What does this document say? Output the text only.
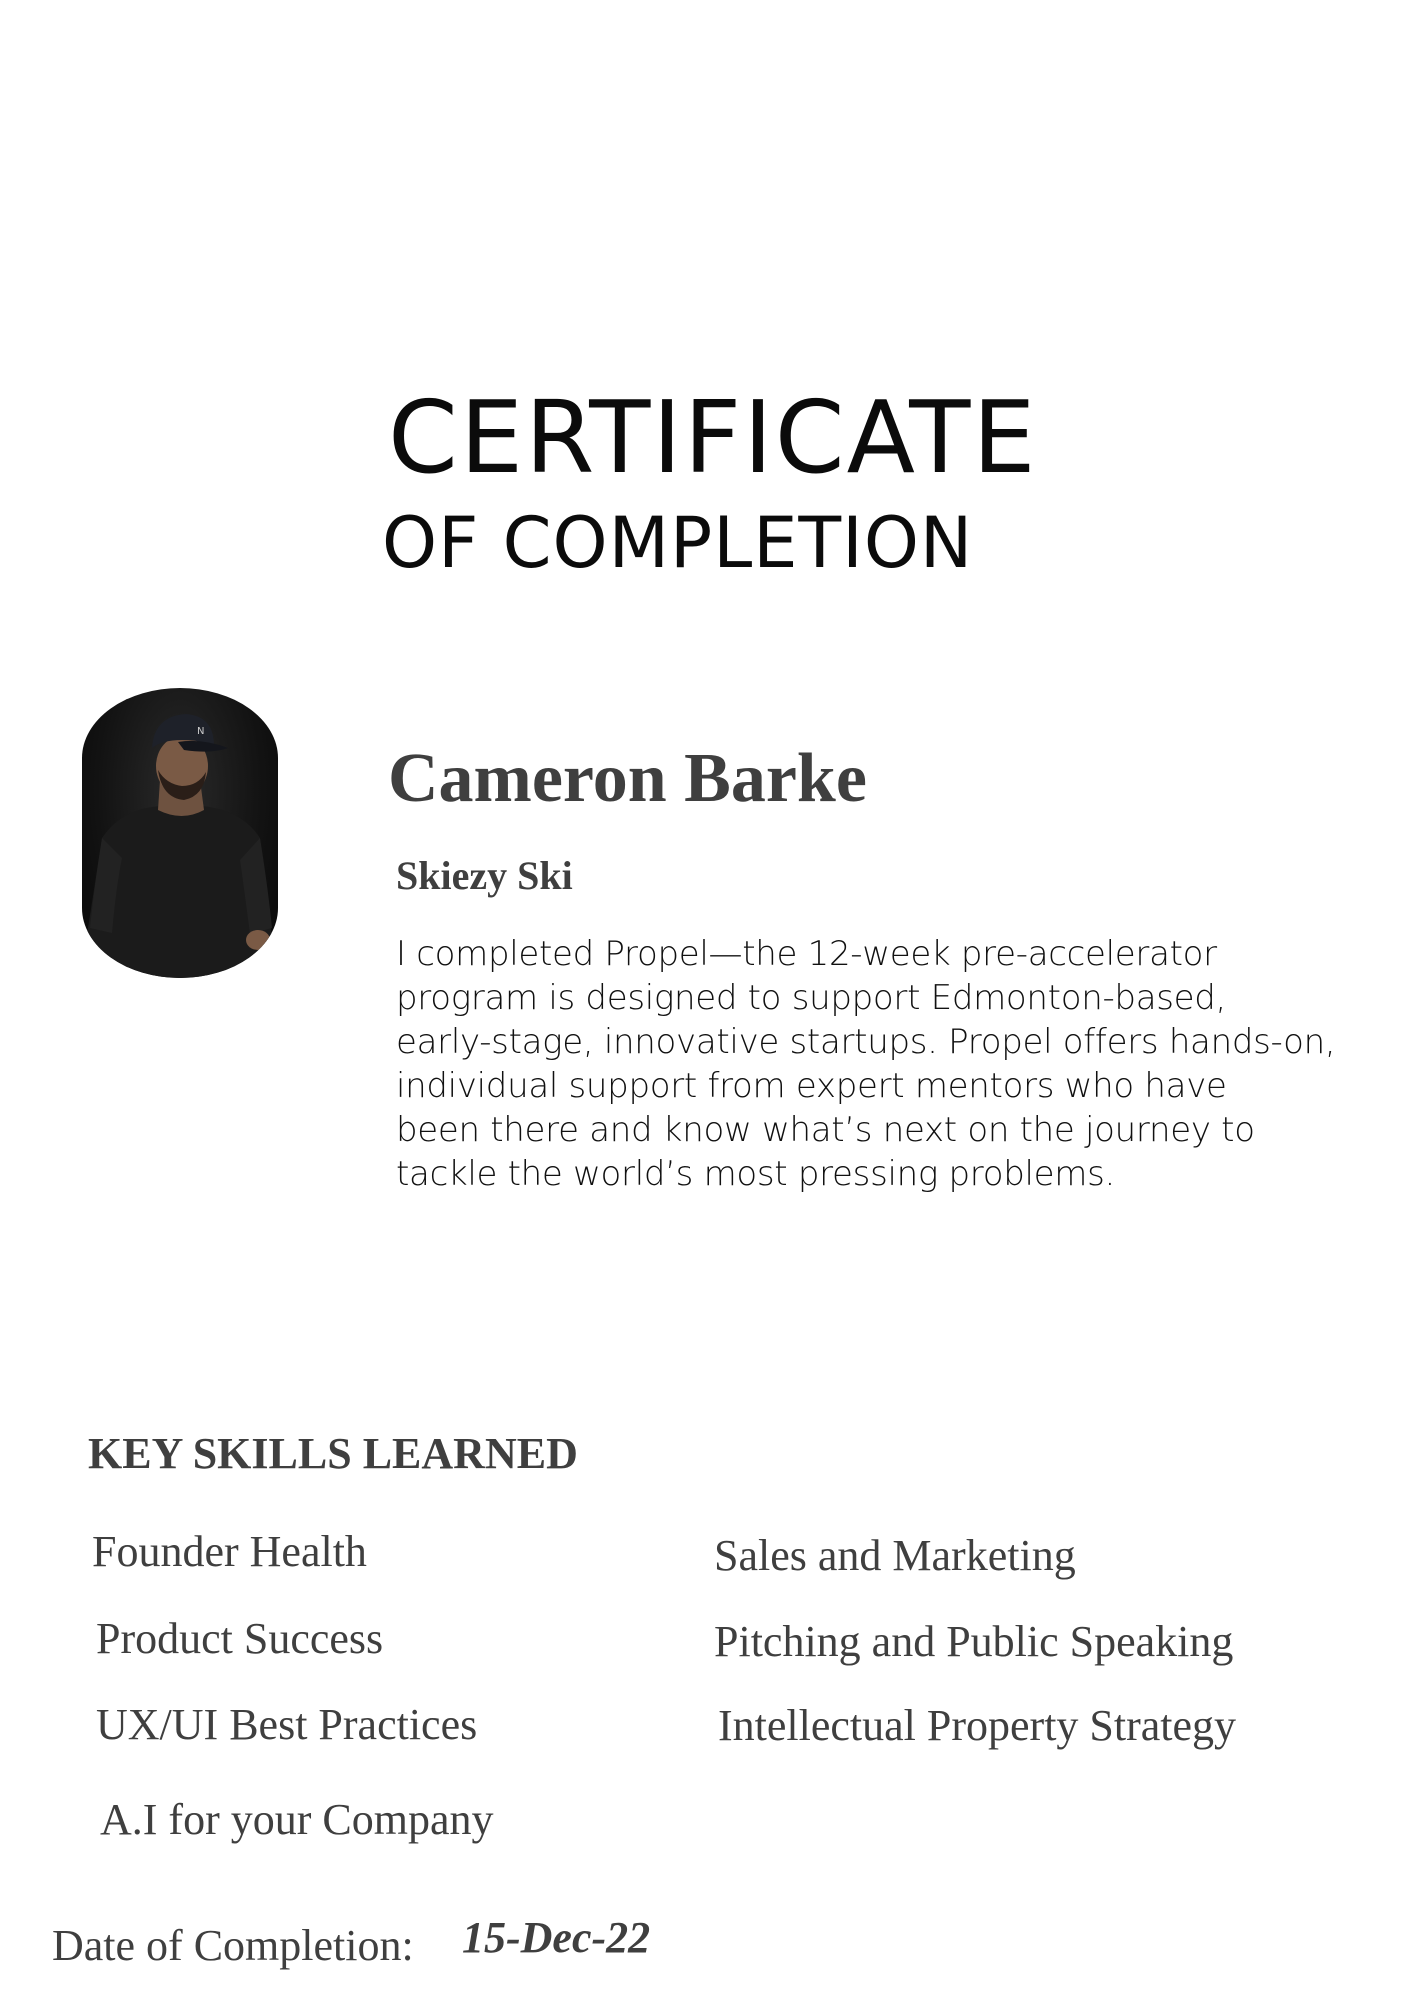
CERTIFICATE
OF COMPLETION
N
Cameron Barke
Skiezy Ski
I completed Propel—the 12-week pre-accelerator
program is designed to support Edmonton-based,
early-stage, innovative startups. Propel offers hands-on,
individual support from expert mentors who have
been there and know what’s next on the journey to
tackle the world’s most pressing problems.
KEY SKILLS LEARNED
Founder Health
Product Success
UX/UI Best Practices
A.I for your Company
Sales and Marketing
Pitching and Public Speaking
Intellectual Property Strategy
Date of Completion: 15-Dec-22
